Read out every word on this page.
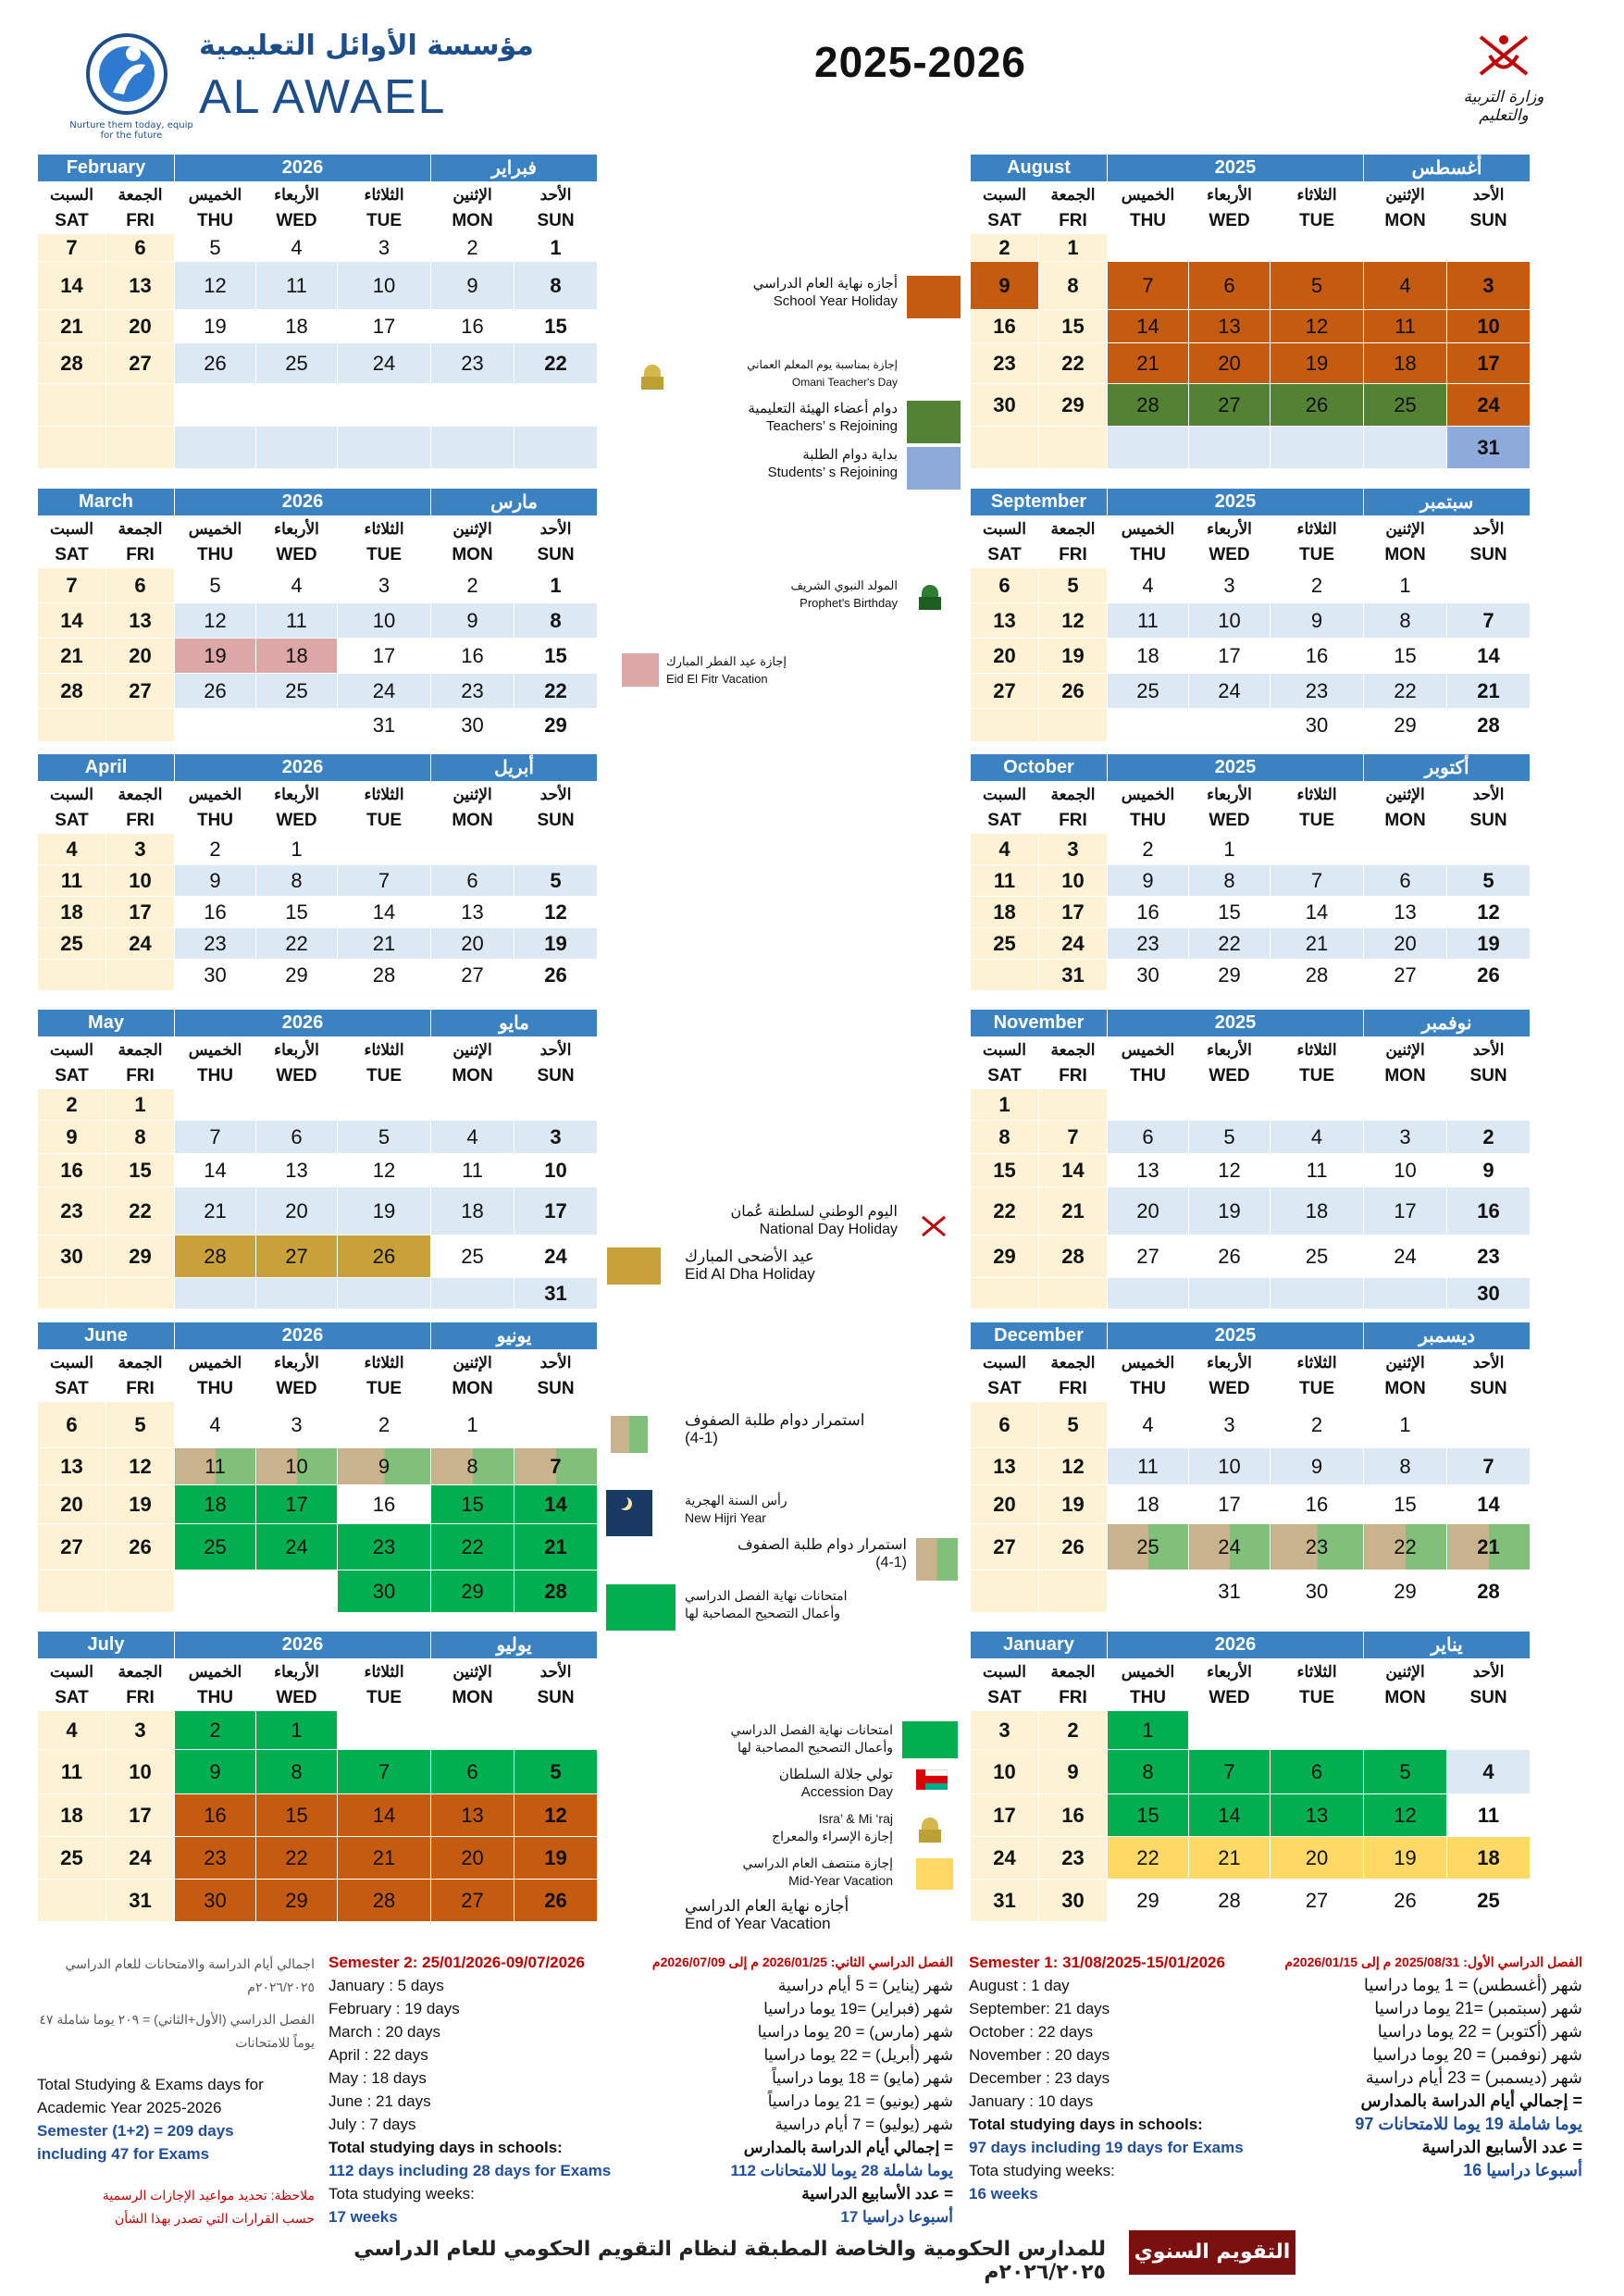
مؤسسة الأوائل التعليمية
AL AWAEL
Nurture them today, equip for the future
2025-2026
وزارة التربية والتعليم
February		2026			فبراير	
السبت	الجمعة	الخميس	الأربعاء	الثلاثاء	الإثنين	الأحد
SAT	FRI	THU	WED	TUE	MON	SUN
7	6	5	4	3	2	1
14	13	12	11	10	9	8
21	20	19	18	17	16	15
28	27	26	25	24	23	22

March		2026			مارس	
السبت	الجمعة	الخميس	الأربعاء	الثلاثاء	الإثنين	الأحد
SAT	FRI	THU	WED	TUE	MON	SUN
7	6	5	4	3	2	1
14	13	12	11	10	9	8
21	20	19	18	17	16	15
28	27	26	25	24	23	22
				31	30	29
April		2026			أبريل	
السبت	الجمعة	الخميس	الأربعاء	الثلاثاء	الإثنين	الأحد
SAT	FRI	THU	WED	TUE	MON	SUN
4	3	2	1			
11	10	9	8	7	6	5
18	17	16	15	14	13	12
25	24	23	22	21	20	19
		30	29	28	27	26
May		2026			مايو	
السبت	الجمعة	الخميس	الأربعاء	الثلاثاء	الإثنين	الأحد
SAT	FRI	THU	WED	TUE	MON	SUN
2	1					
9	8	7	6	5	4	3
16	15	14	13	12	11	10
23	22	21	20	19	18	17
30	29	28	27	26	25	24
						31
June		2026			يونيو	
السبت	الجمعة	الخميس	الأربعاء	الثلاثاء	الإثنين	الأحد
SAT	FRI	THU	WED	TUE	MON	SUN
6	5	4	3	2	1	
13	12	11	10	9	8	7
20	19	18	17	16	15	14
27	26	25	24	23	22	21
				30	29	28
July		2026			يوليو	
السبت	الجمعة	الخميس	الأربعاء	الثلاثاء	الإثنين	الأحد
SAT	FRI	THU	WED	TUE	MON	SUN
4	3	2	1			
11	10	9	8	7	6	5
18	17	16	15	14	13	12
25	24	23	22	21	20	19
	31	30	29	28	27	26
August		2025			أغسطس	
السبت	الجمعة	الخميس	الأربعاء	الثلاثاء	الإثنين	الأحد
SAT	FRI	THU	WED	TUE	MON	SUN
2	1					
9	8	7	6	5	4	3
16	15	14	13	12	11	10
23	22	21	20	19	18	17
30	29	28	27	26	25	24
						31
September		2025			سبتمبر	
السبت	الجمعة	الخميس	الأربعاء	الثلاثاء	الإثنين	الأحد
SAT	FRI	THU	WED	TUE	MON	SUN
6	5	4	3	2	1	
13	12	11	10	9	8	7
20	19	18	17	16	15	14
27	26	25	24	23	22	21
				30	29	28
October		2025			أكتوبر	
السبت	الجمعة	الخميس	الأربعاء	الثلاثاء	الإثنين	الأحد
SAT	FRI	THU	WED	TUE	MON	SUN
4	3	2	1			
11	10	9	8	7	6	5
18	17	16	15	14	13	12
25	24	23	22	21	20	19
	31	30	29	28	27	26
November		2025			نوفمبر	
السبت	الجمعة	الخميس	الأربعاء	الثلاثاء	الإثنين	الأحد
SAT	FRI	THU	WED	TUE	MON	SUN
1						
8	7	6	5	4	3	2
15	14	13	12	11	10	9
22	21	20	19	18	17	16
29	28	27	26	25	24	23
						30
December		2025			ديسمبر	
السبت	الجمعة	الخميس	الأربعاء	الثلاثاء	الإثنين	الأحد
SAT	FRI	THU	WED	TUE	MON	SUN
6	5	4	3	2	1	
13	12	11	10	9	8	7
20	19	18	17	16	15	14
27	26	25	24	23	22	21
			31	30	29	28
January		2026			يناير	
السبت	الجمعة	الخميس	الأربعاء	الثلاثاء	الإثنين	الأحد
SAT	FRI	THU	WED	TUE	MON	SUN
3	2	1				
10	9	8	7	6	5	4
17	16	15	14	13	12	11
24	23	22	21	20	19	18
31	30	29	28	27	26	25
أجازه نهاية العام الدراسي
School Year Holiday
إجازة بمناسبة يوم المعلم العماني
Omani Teacher's Day
دوام أعضاء الهيئة التعليمية
Teachers’ s Rejoining
بداية دوام الطلبة
Students’ s Rejoining
المولد النبوي الشريف
Prophet's Birthday
إجازة عيد الفطر المبارك
Eid El Fitr Vacation
اليوم الوطني لسلطنة عُمان
National Day Holiday
عيد الأضحى المبارك
Eid Al Dha Holiday
استمرار دوام طلبة الصفوف
(4-1)
رأس السنة الهجرية
New Hijri Year
استمرار دوام طلبة الصفوف
(4-1)
امتحانات نهاية الفصل الدراسي
وأعمال التصحيح المصاحبة لها
امتحانات نهاية الفصل الدراسي
وأعمال التصحيح المصاحبة لها
تولي جلالة السلطان
Accession Day
Isra’ & Mi ‘raj
إجازة الإسراء والمعراج
إجازة منتصف العام الدراسي
Mid-Year Vacation
أجازه نهاية العام الدراسي
End of Year Vacation
اجمالي أيام الدراسة والامتحانات للعام الدراسي ٢٠٢٦/٢٠٢٥م
الفصل الدراسي (الأول+الثاني) = ٢٠٩ يوما شاملة ٤٧ يوماً للامتحانات
Total Studying & Exams days for
Academic Year 2025-2026
Semester (1+2) = 209 days
including 47 for Exams
ملاحظة: تحديد مواعيد الإجازات الرسمية
حسب القرارات التي تصدر بهذا الشأن
Semester 2: 25/01/2026-09/07/2026
January : 5 days
February : 19 days
March : 20 days
April : 22 days
May : 18 days
June : 21 days
July : 7 days
Total studying days in schools:
112 days including 28 days for Exams
Tota studying weeks:
17 weeks
الفصل الدراسي الثاني: 2026/01/25 م إلى 2026/07/09م
شهر (يناير) = 5 أيام دراسية
شهر (فبراير) =19 يوما دراسيا
شهر (مارس) = 20 يوما دراسيا
شهر (أبريل) = 22 يوما دراسيا
شهر (مايو) = 18 يوما دراسياً
شهر (يونيو) = 21 يوما دراسياً
شهر (يوليو) = 7 أيام دراسية
إجمالي أيام الدراسة بالمدارس =
112 يوما شاملة 28 يوما للامتحانات
عدد الأسابيع الدراسية =
17 أسبوعا دراسيا
Semester 1: 31/08/2025-15/01/2026
August : 1 day
September: 21 days
October : 22 days
November : 20 days
December : 23 days
January : 10 days
Total studying days in schools:
97 days including 19 days for Exams
Tota studying weeks:
16 weeks
الفصل الدراسي الأول: 2025/08/31 م إلى 2026/01/15م
شهر (أغسطس) = 1 يوما دراسيا
شهر (سبتمبر) =21 يوما دراسيا
شهر (أكتوبر) = 22 يوما دراسيا
شهر (نوفمبر) = 20 يوما دراسيا
شهر (ديسمبر) = 23 أيام دراسية
إجمالي أيام الدراسة بالمدارس =
97 يوما شاملة 19 يوما للامتحانات
عدد الأسابيع الدراسية =
16 أسبوعا دراسيا
للمدارس الحكومية والخاصة المطبقة لنظام التقويم الحكومي للعام الدراسي ٢٠٢٦/٢٠٢٥م
التقويم السنوي
